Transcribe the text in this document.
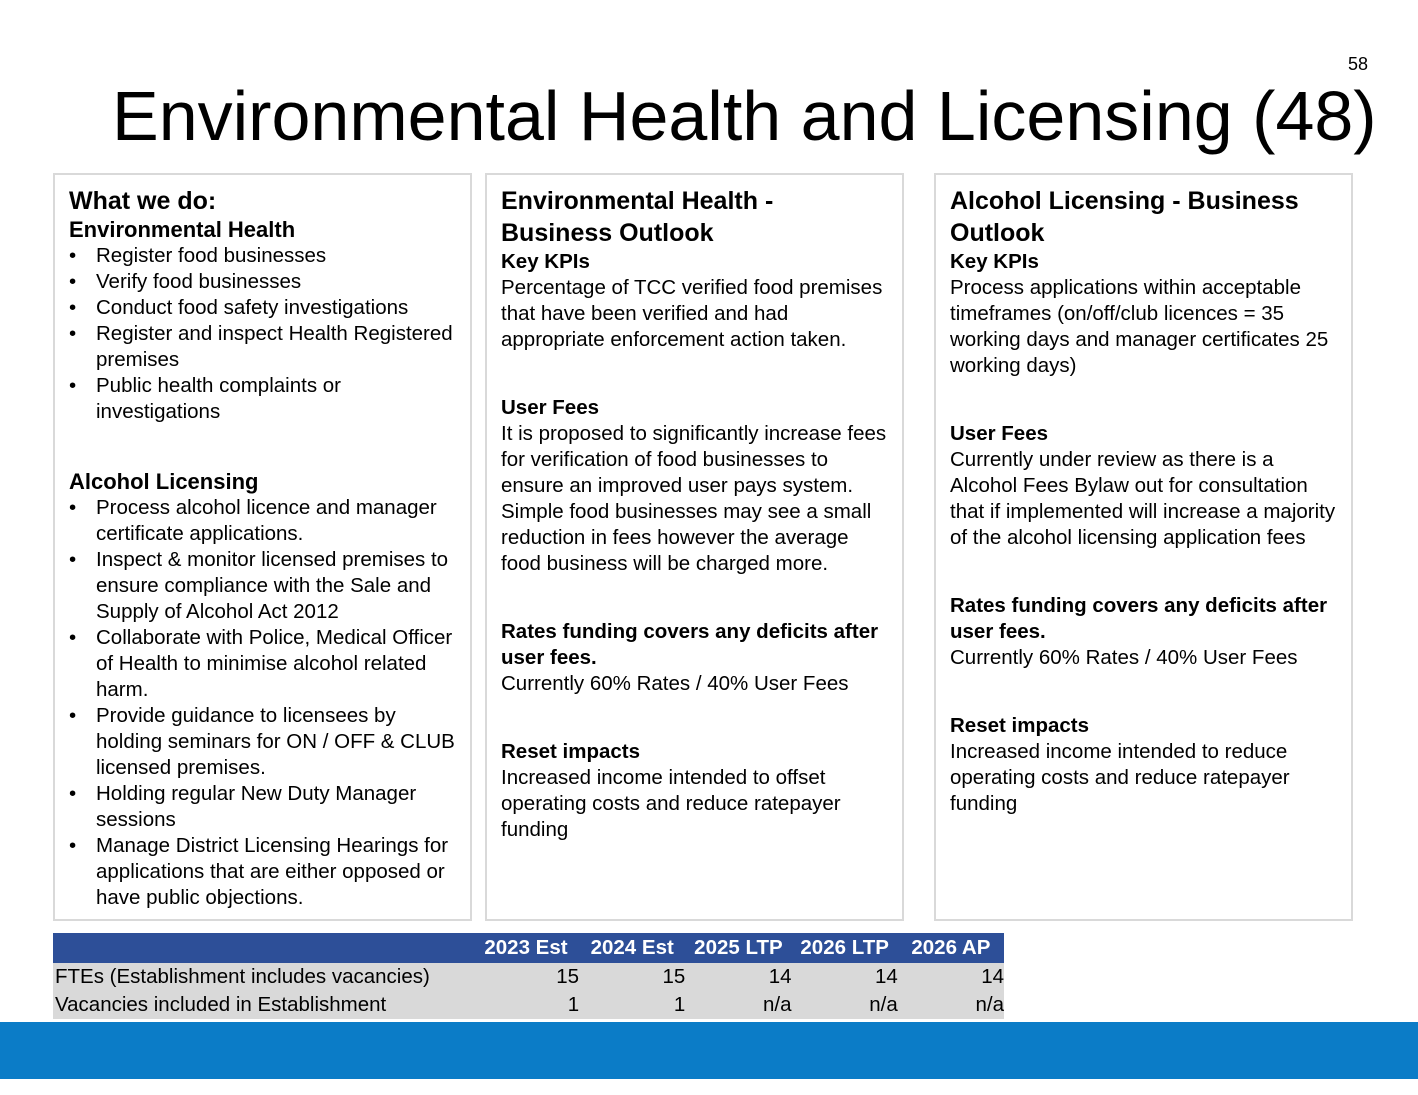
58
Environmental Health and Licensing (48)
What we do:
Environmental Health
• Register food businesses
• Verify food businesses
• Conduct food safety investigations
• Register and inspect Health Registered premises
• Public health complaints or investigations
Alcohol Licensing
• Process alcohol licence and manager certificate applications.
• Inspect & monitor licensed premises to ensure compliance with the Sale and Supply of Alcohol Act 2012
• Collaborate with Police, Medical Officer of Health to minimise alcohol related harm.
• Provide guidance to licensees by holding seminars for ON / OFF & CLUB licensed premises.
• Holding regular New Duty Manager sessions
• Manage District Licensing Hearings for applications that are either opposed or have public objections.
Environmental Health - Business Outlook

Key KPIs

Percentage of TCC verified food premises that have been verified and had appropriate enforcement action taken.

User Fees

It is proposed to significantly increase fees for verification of food businesses to ensure an improved user pays system. Simple food businesses may see a small reduction in fees however the average food business will be charged more.

Rates funding covers any deficits after user fees.

Currently 60% Rates / 40% User Fees

Reset impacts

Increased income intended to offset operating costs and reduce ratepayer funding

Alcohol Licensing - Business Outlook

Key KPIs

Process applications within acceptable timeframes (on/off/club licences = 35 working days and manager certificates 25 working days)

User Fees

Currently under review as there is a Alcohol Fees Bylaw out for consultation that if implemented will increase a majority of the alcohol licensing application fees

Rates funding covers any deficits after user fees.

Currently 60% Rates / 40% User Fees

Reset impacts

Increased income intended to reduce operating costs and reduce ratepayer funding

	2023 Est	2024 Est	2025 LTP	2026 LTP	2026 AP
FTEs (Establishment includes vacancies)	15	15	14	14	14
Vacancies included in Establishment	1	1	n/a	n/a	n/a
